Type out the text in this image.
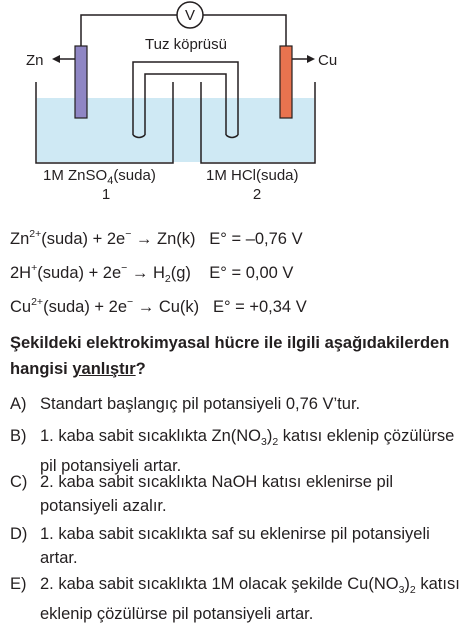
V
Zn	Cu
Tuz köprüsü
1M ZnSO$_4$(suda)
1
1M HCl(suda)
2
$Zn^{2+}(suda) + 2e^- \to Zn(k) E^\circ = -0,76$ V
2H+(suda) + $2e^- \to H_2(g) E^\circ = 0,00$ V
$Cu^{2+}(suda) + 2e^- \to Cu(k) E^\circ = +0,34$ V
Şekildeki elektrokimyasal hücre ile ilgili aşağıdakilerden hangisi yanlıştır?
A) Standart başlangıç pil potansiyeli 0,76 V’tur.
B) 1. kaba sabit sıcaklıkta $Zn(NO_3)_2$ katısı eklenip çözülürse pil potansiyeli artar.
C) 2. kaba sabit sıcaklıkta NaOH katısı eklenirse pil potansiyeli azalır.
D) 1. kaba sabit sıcaklıkta saf su eklenirse pil potansiyeli artar.
E) 2. kaba sabit sıcaklıkta 1M olacak şekilde $Cu(NO_3)_2$ katısı eklenip çözülürse pil potansiyeli artar.
